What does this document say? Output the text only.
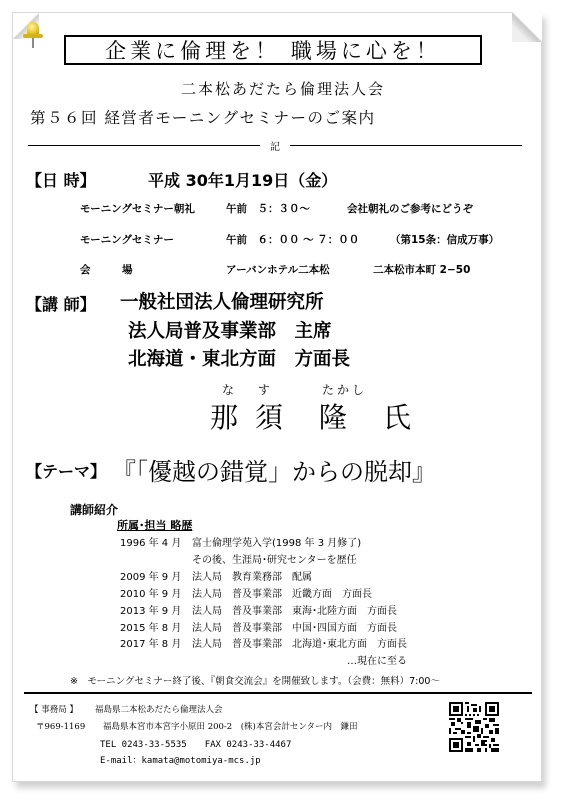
企業に倫理を！ 職場に心を！
二本松あだたら倫理法人会
第５６回 経営者モーニングセミナーのご案内
記
【日 時】	平成 30年1月19日（金）
モーニングセミナー朝礼	午前　５：３０～	会社朝礼のご参考にどうぞ
モーニングセミナー	午前　６：００ ～ ７：００	（第15条：信成万事）
会　　　場	アーバンホテル二本松	二本松市本町 2−50
【講 師】 一般社団法人倫理研究所
法人局普及事業部　主席
北海道・東北方面　方面長
な す	たかし
那 須　隆　氏
【テーマ】 『「優越の錯覚」からの脱却』
講師紹介
所属･担当 略歴
1996 年 4 月 富士倫理学苑入学(1998 年 3 月修了)
その後、生涯局･研究センターを歴任
2009 年 9 月 法人局　教育業務部　配属
2010 年 9 月 法人局　普及事業部　近畿方面　方面長
2013 年 9 月 法人局　普及事業部　東海･北陸方面　方面長
2015 年 8 月 法人局　普及事業部　中国･四国方面　方面長
2017 年 8 月 法人局　普及事業部　北海道･東北方面　方面長
…現在に至る
※　モーニングセミナー終了後、『朝食交流会』を開催致します。（会費：無料）7:00～
【 事務局 】 福島県二本松あだたら倫理法人会
〒969-1169 福島県本宮市本宮字小原田 200-2　(株)本宮会計センター内　鎌田
TEL 0243-33-5535　　FAX 0243-33-4467
E-mail：kamata@motomiya-mcs.jp
